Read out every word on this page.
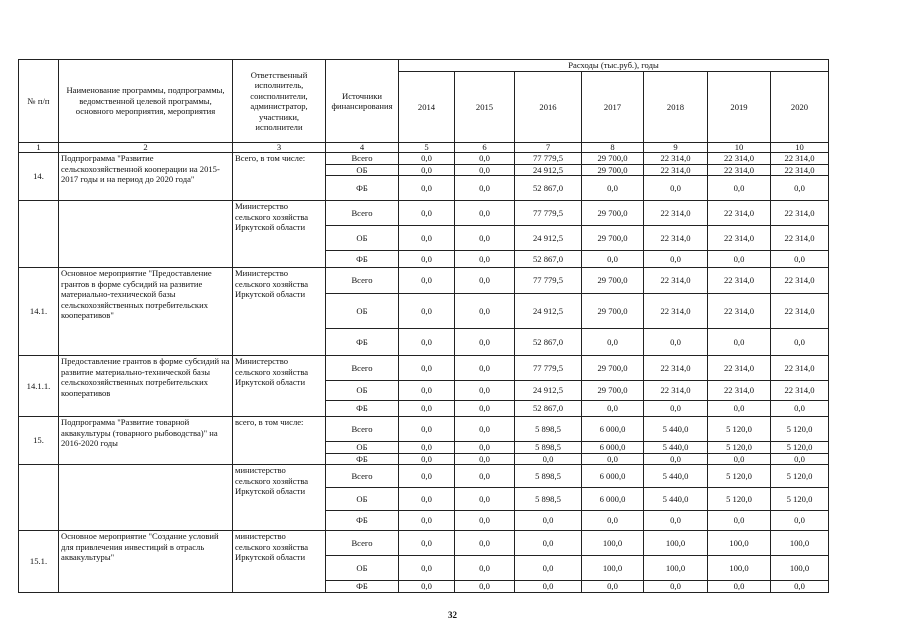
№ п/п	Наименование программы, подпрограммы, ведомственной целевой программы, основного мероприятия, мероприятия	Ответственный исполнитель, соисполнители, администратор, участники, исполнители	Источники финансирования	Расходы (тыс.руб.), годы						
				2014	2015	2016	2017	2018	2019	2020
1	2	3	4	5	6	7	8	9	10	10
14.	Подпрограмма "Развитие сельскохозяйственной кооперации на 2015-2017 годы и на период до 2020 года"	Всего, в том числе:	Всего	0,0	0,0	77 779,5	29 700,0	22 314,0	22 314,0	22 314,0
			ОБ	0,0	0,0	24 912,5	29 700,0	22 314,0	22 314,0	22 314,0
			ФБ	0,0	0,0	52 867,0	0,0	0,0	0,0	0,0
		Министерство сельского хозяйства Иркутской области	Всего	0,0	0,0	77 779,5	29 700,0	22 314,0	22 314,0	22 314,0
			ОБ	0,0	0,0	24 912,5	29 700,0	22 314,0	22 314,0	22 314,0
			ФБ	0,0	0,0	52 867,0	0,0	0,0	0,0	0,0
14.1.	Основное мероприятие "Предоставление грантов в форме субсидий на развитие материально-технической базы сельскохозяйственных потребительских кооперативов"	Министерство сельского хозяйства Иркутской области	Всего	0,0	0,0	77 779,5	29 700,0	22 314,0	22 314,0	22 314,0
			ОБ	0,0	0,0	24 912,5	29 700,0	22 314,0	22 314,0	22 314,0
			ФБ	0,0	0,0	52 867,0	0,0	0,0	0,0	0,0
14.1.1.	Предоставление грантов в форме субсидий на развитие материально-технической базы сельскохозяйственных потребительских кооперативов	Министерство сельского хозяйства Иркутской области	Всего	0,0	0,0	77 779,5	29 700,0	22 314,0	22 314,0	22 314,0
			ОБ	0,0	0,0	24 912,5	29 700,0	22 314,0	22 314,0	22 314,0
			ФБ	0,0	0,0	52 867,0	0,0	0,0	0,0	0,0
15.	Подпрограмма "Развитие товарной аквакультуры (товарного рыбоводства)" на 2016-2020 годы	всего, в том числе:	Всего	0,0	0,0	5 898,5	6 000,0	5 440,0	5 120,0	5 120,0
			ОБ	0,0	0,0	5 898,5	6 000,0	5 440,0	5 120,0	5 120,0
			ФБ	0,0	0,0	0,0	0,0	0,0	0,0	0,0
		министерство сельского хозяйства Иркутской области	Всего	0,0	0,0	5 898,5	6 000,0	5 440,0	5 120,0	5 120,0
			ОБ	0,0	0,0	5 898,5	6 000,0	5 440,0	5 120,0	5 120,0
			ФБ	0,0	0,0	0,0	0,0	0,0	0,0	0,0
15.1.	Основное мероприятие "Создание условий для привлечения инвестиций в отрасль аквакультуры"	министерство сельского хозяйства Иркутской области	Всего	0,0	0,0	0,0	100,0	100,0	100,0	100,0
			ОБ	0,0	0,0	0,0	100,0	100,0	100,0	100,0
			ФБ	0,0	0,0	0,0	0,0	0,0	0,0	0,0
32
